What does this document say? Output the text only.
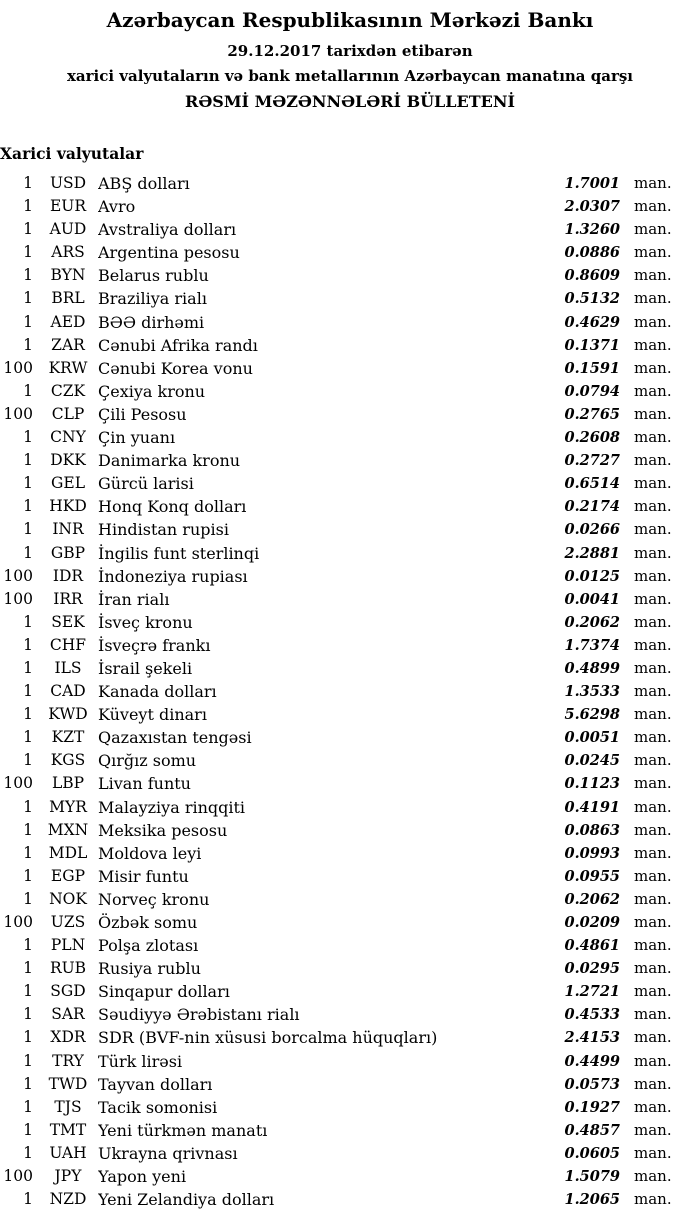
Azərbaycan Respublikasının Mərkəzi Bankı
29.12.2017 tarixdən etibarən
xarici valyutaların və bank metallarının Azərbaycan manatına qarşı
RƏSMİ MƏZƏNNƏLƏRİ BÜLLETENİ
Xarici valyutalar
1	USD ABŞ dolları	1.7001 man.
1	EUR Avro	2.0307 man.
1	AUD Avstraliya dolları	1.3260 man.
1	ARS Argentina pesosu	0.0886 man.
1	BYN Belarus rublu	0.8609 man.
1	BRL Braziliya rialı	0.5132 man.
1	AED BƏƏ dirhəmi	0.4629 man.
1	ZAR Cənubi Afrika randı	0.1371 man.
100	KRW Cənubi Korea vonu	0.1591 man.
1	CZK Çexiya kronu	0.0794 man.
100	CLP Çili Pesosu	0.2765 man.
1	CNY Çin yuanı	0.2608 man.
1	DKK Danimarka kronu	0.2727 man.
1	GEL Gürcü larisi	0.6514 man.
1	HKD Honq Konq dolları	0.2174 man.
1	INR Hindistan rupisi	0.0266 man.
1	GBP İngilis funt sterlinqi	2.2881 man.
100	IDR İndoneziya rupiası	0.0125 man.
100	IRR İran rialı	0.0041 man.
1	SEK İsveç kronu	0.2062 man.
1	CHF İsveçrə frankı	1.7374 man.
1	ILS	İsrail şekeli	0.4899 man.
1	CAD Kanada dolları	1.3533 man.
1 KWD Küveyt dinarı	5.6298 man.
1	KZT Qazaxıstan tengəsi	0.0051 man.
1	KGS Qırğız somu	0.0245 man.
100	LBP Livan funtu	0.1123 man.
1	MYR Malayziya rinqqiti	0.4191 man.
1 MXN Meksika pesosu	0.0863 man.
1	MDL Moldova leyi	0.0993 man.
1	EGP Misir funtu	0.0955 man.
1	NOK Norveç kronu	0.2062 man.
100	UZS Özbək somu	0.0209 man.
1	PLN Polşa zlotası	0.4861 man.
1	RUB Rusiya rublu	0.0295 man.
1	SGD Sinqapur dolları	1.2721 man.
1	SAR Səudiyyə Ərəbistanı rialı	0.4533 man.
1	XDR SDR (BVF-nin xüsusi borcalma hüquqları)	2.4153 man.
1	TRY Türk lirəsi	0.4499 man.
1	TWD Tayvan dolları	0.0573 man.
1	TJS	Tacik somonisi	0.1927 man.
1	TMT Yeni türkmən manatı	0.4857 man.
1	UAH Ukrayna qrivnası	0.0605 man.
100	JPY	Yapon yeni	1.5079 man.
1	NZD Yeni Zelandiya dolları	1.2065 man.
